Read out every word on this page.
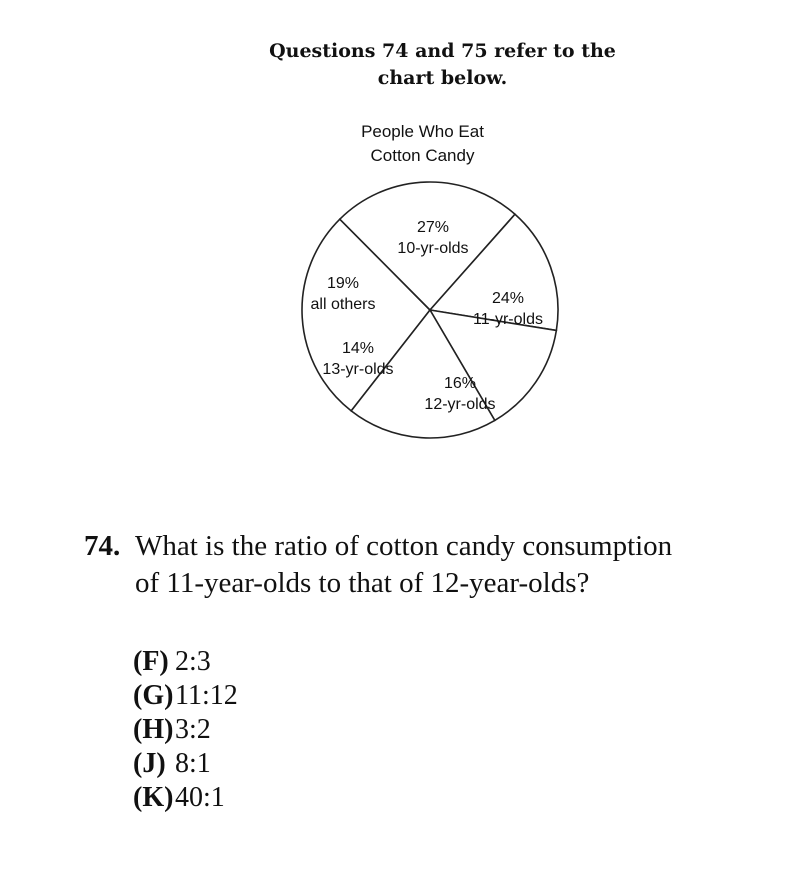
Questions 74 and 75 refer to the
chart below.
People Who Eat
Cotton Candy
27%
10-yr-olds
24%
11-yr-olds
16%
12-yr-olds
14%
13-yr-olds
19%
all others
74. What is the ratio of cotton candy consumption
of 11-year-olds to that of 12-year-olds?
(F) 2:3
(G)11:12
(H)3:2
(J) 8:1
(K)40:1
